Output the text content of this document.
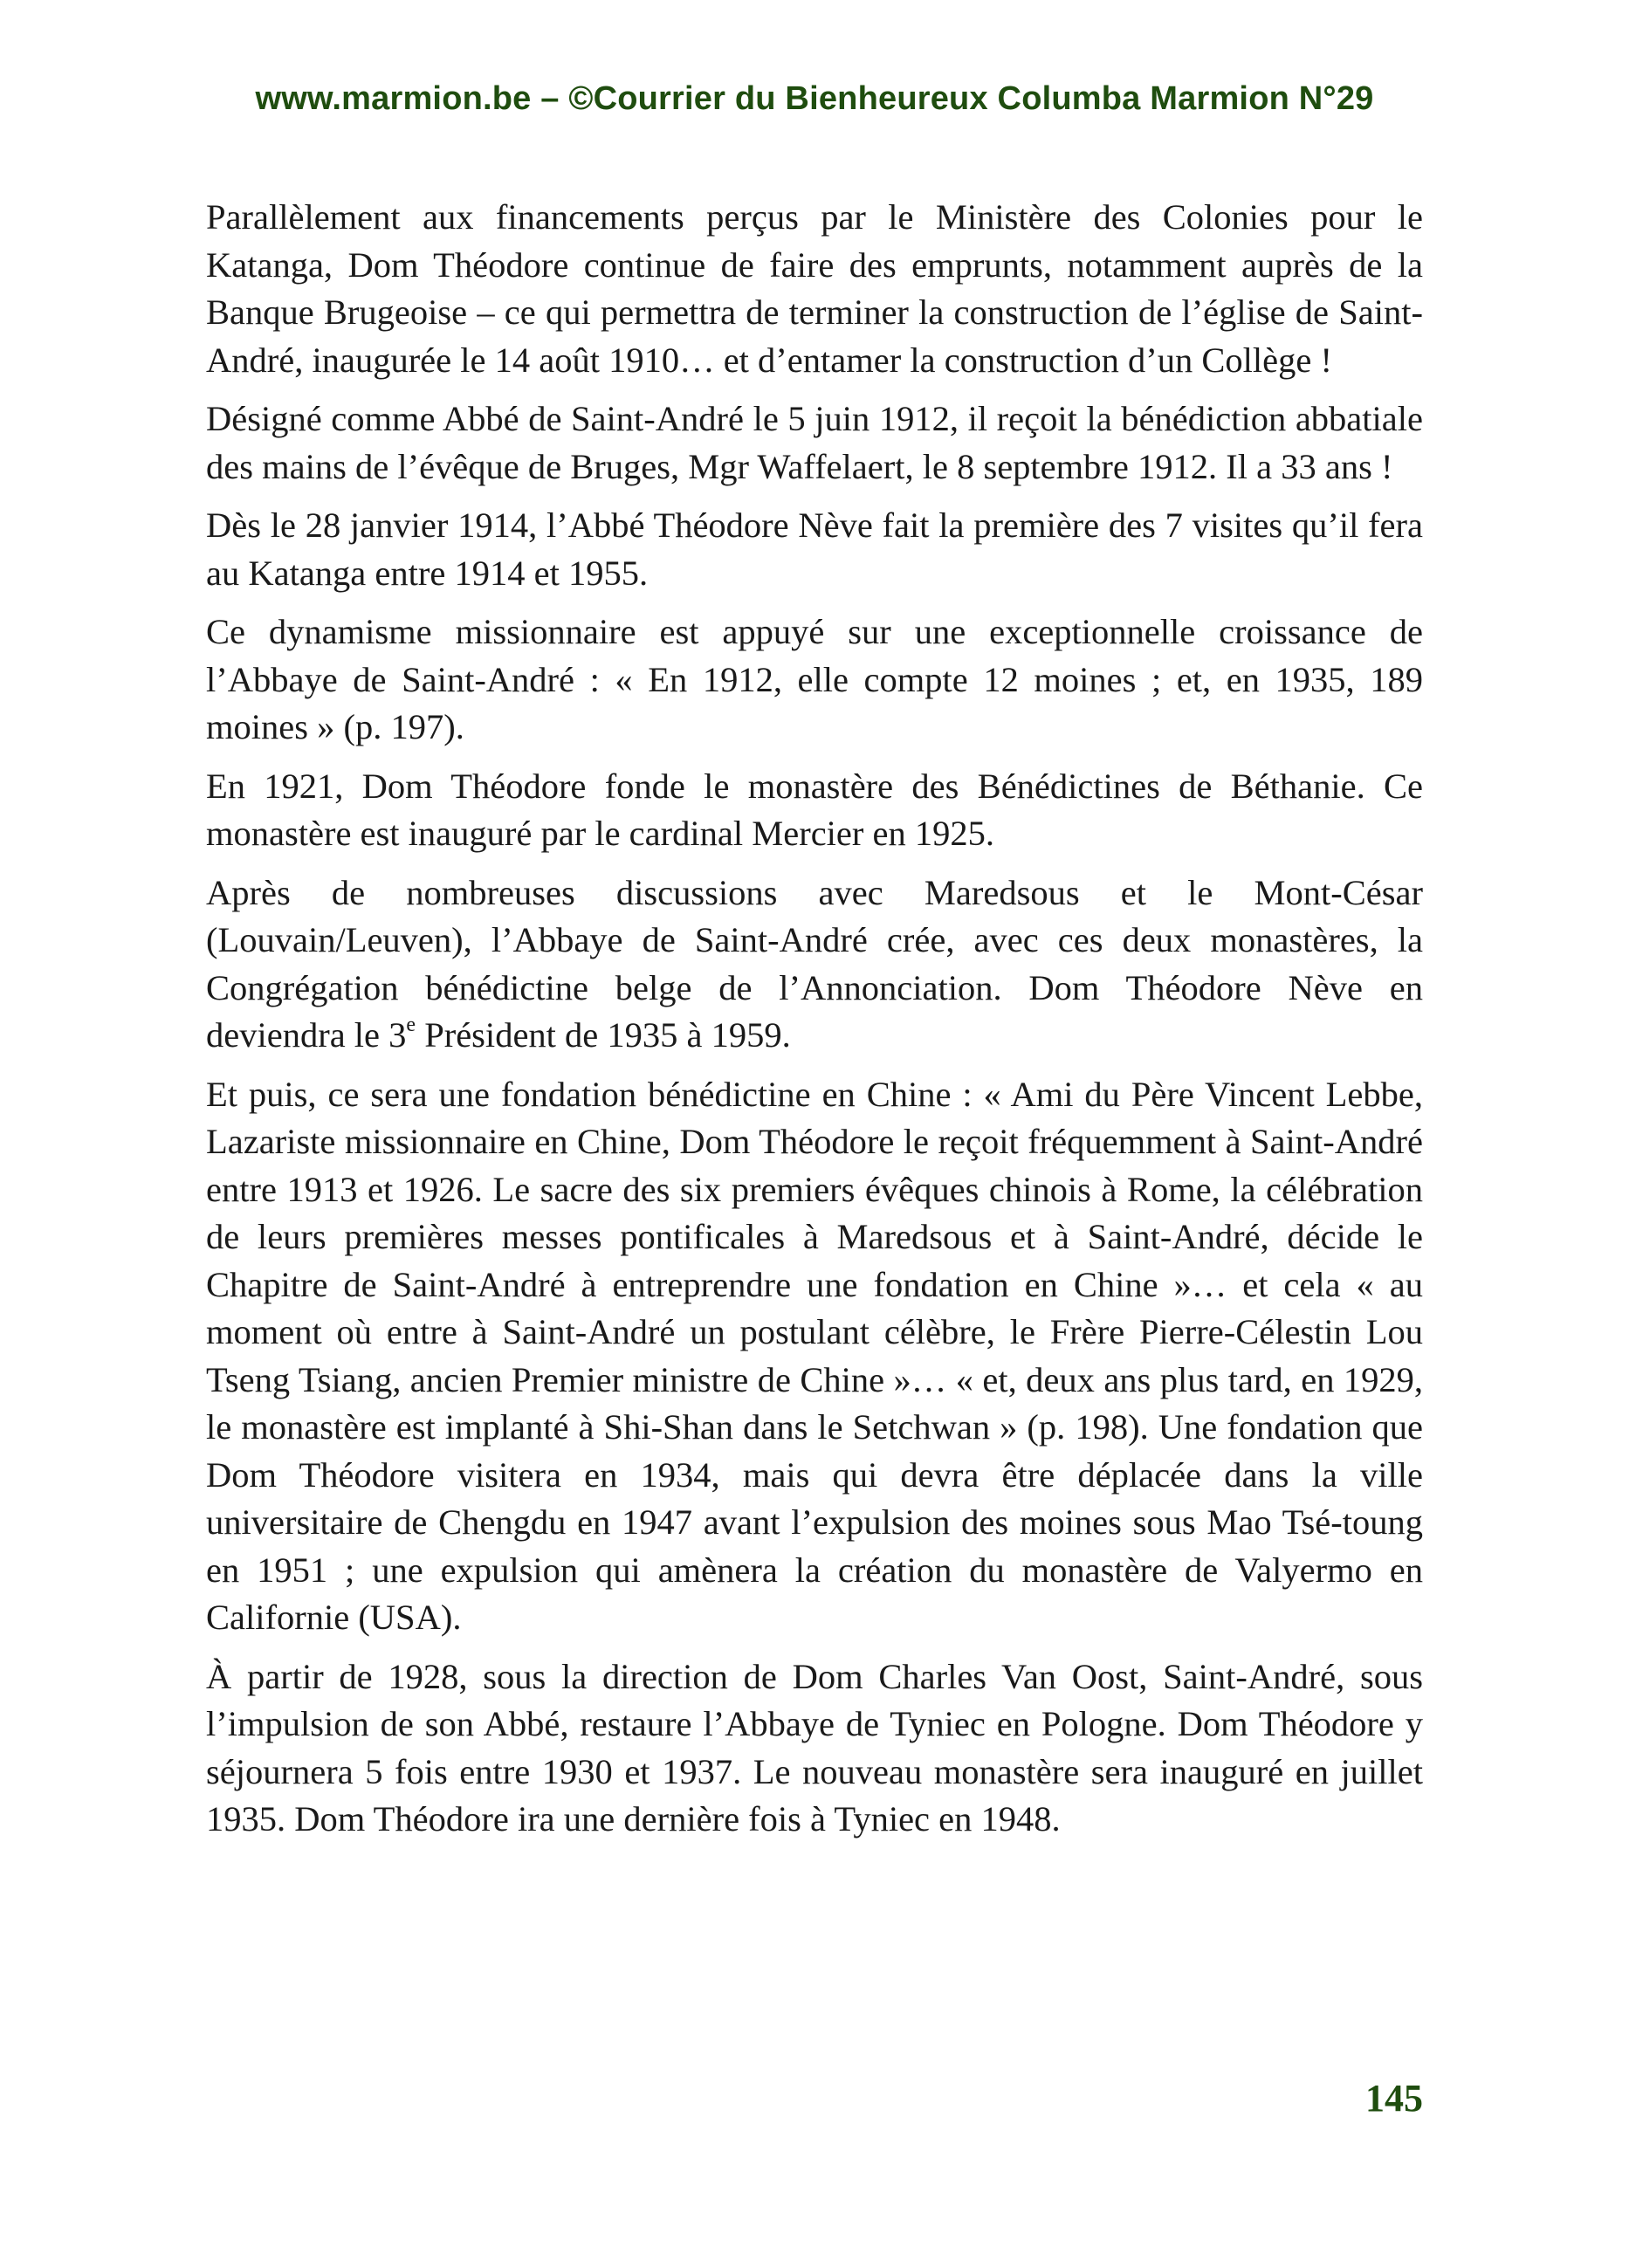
www.marmion.be – ©Courrier du Bienheureux Columba Marmion N°29

Parallèlement aux financements perçus par le Ministère des Colonies pour le Katanga, Dom Théodore continue de faire des emprunts, notamment auprès de la Banque Brugeoise – ce qui permettra de terminer la construction de l’église de Saint-André, inaugurée le 14 août 1910… et d’entamer la construction d’un Collège !

Désigné comme Abbé de Saint-André le 5 juin 1912, il reçoit la bénédiction abbatiale des mains de l’évêque de Bruges, Mgr Waffelaert, le 8 septembre 1912. Il a 33 ans !

Dès le 28 janvier 1914, l’Abbé Théodore Nève fait la première des 7 visites qu’il fera au Katanga entre 1914 et 1955.

Ce dynamisme missionnaire est appuyé sur une exceptionnelle croissance de l’Abbaye de Saint-André : « En 1912, elle compte 12 moines ; et, en 1935, 189 moines » (p. 197).

En 1921, Dom Théodore fonde le monastère des Bénédictines de Béthanie. Ce monastère est inauguré par le cardinal Mercier en 1925.

Après de nombreuses discussions avec Maredsous et le Mont-César (Louvain/Leuven), l’Abbaye de Saint-André crée, avec ces deux monastères, la Congrégation bénédictine belge de l’Annonciation. Dom Théodore Nève en deviendra le 3e Président de 1935 à 1959.

Et puis, ce sera une fondation bénédictine en Chine : « Ami du Père Vincent Lebbe, Lazariste missionnaire en Chine, Dom Théodore le reçoit fréquemment à Saint-André entre 1913 et 1926. Le sacre des six premiers évêques chinois à Rome, la célébration de leurs premières messes pontificales à Maredsous et à Saint-André, décide le Chapitre de Saint-André à entreprendre une fondation en Chine »… et cela « au moment où entre à Saint-André un postulant célèbre, le Frère Pierre-Célestin Lou Tseng Tsiang, ancien Premier ministre de Chine »… « et, deux ans plus tard, en 1929, le monastère est implanté à Shi-Shan dans le Setchwan » (p. 198). Une fondation que Dom Théodore visitera en 1934, mais qui devra être déplacée dans la ville universitaire de Chengdu en 1947 avant l’expulsion des moines sous Mao Tsé-toung en 1951 ; une expulsion qui amènera la création du monastère de Valyermo en Californie (USA).

À partir de 1928, sous la direction de Dom Charles Van Oost, Saint-André, sous l’impulsion de son Abbé, restaure l’Abbaye de Tyniec en Pologne. Dom Théodore y séjournera 5 fois entre 1930 et 1937. Le nouveau monastère sera inauguré en juillet 1935. Dom Théodore ira une dernière fois à Tyniec en 1948.

145
